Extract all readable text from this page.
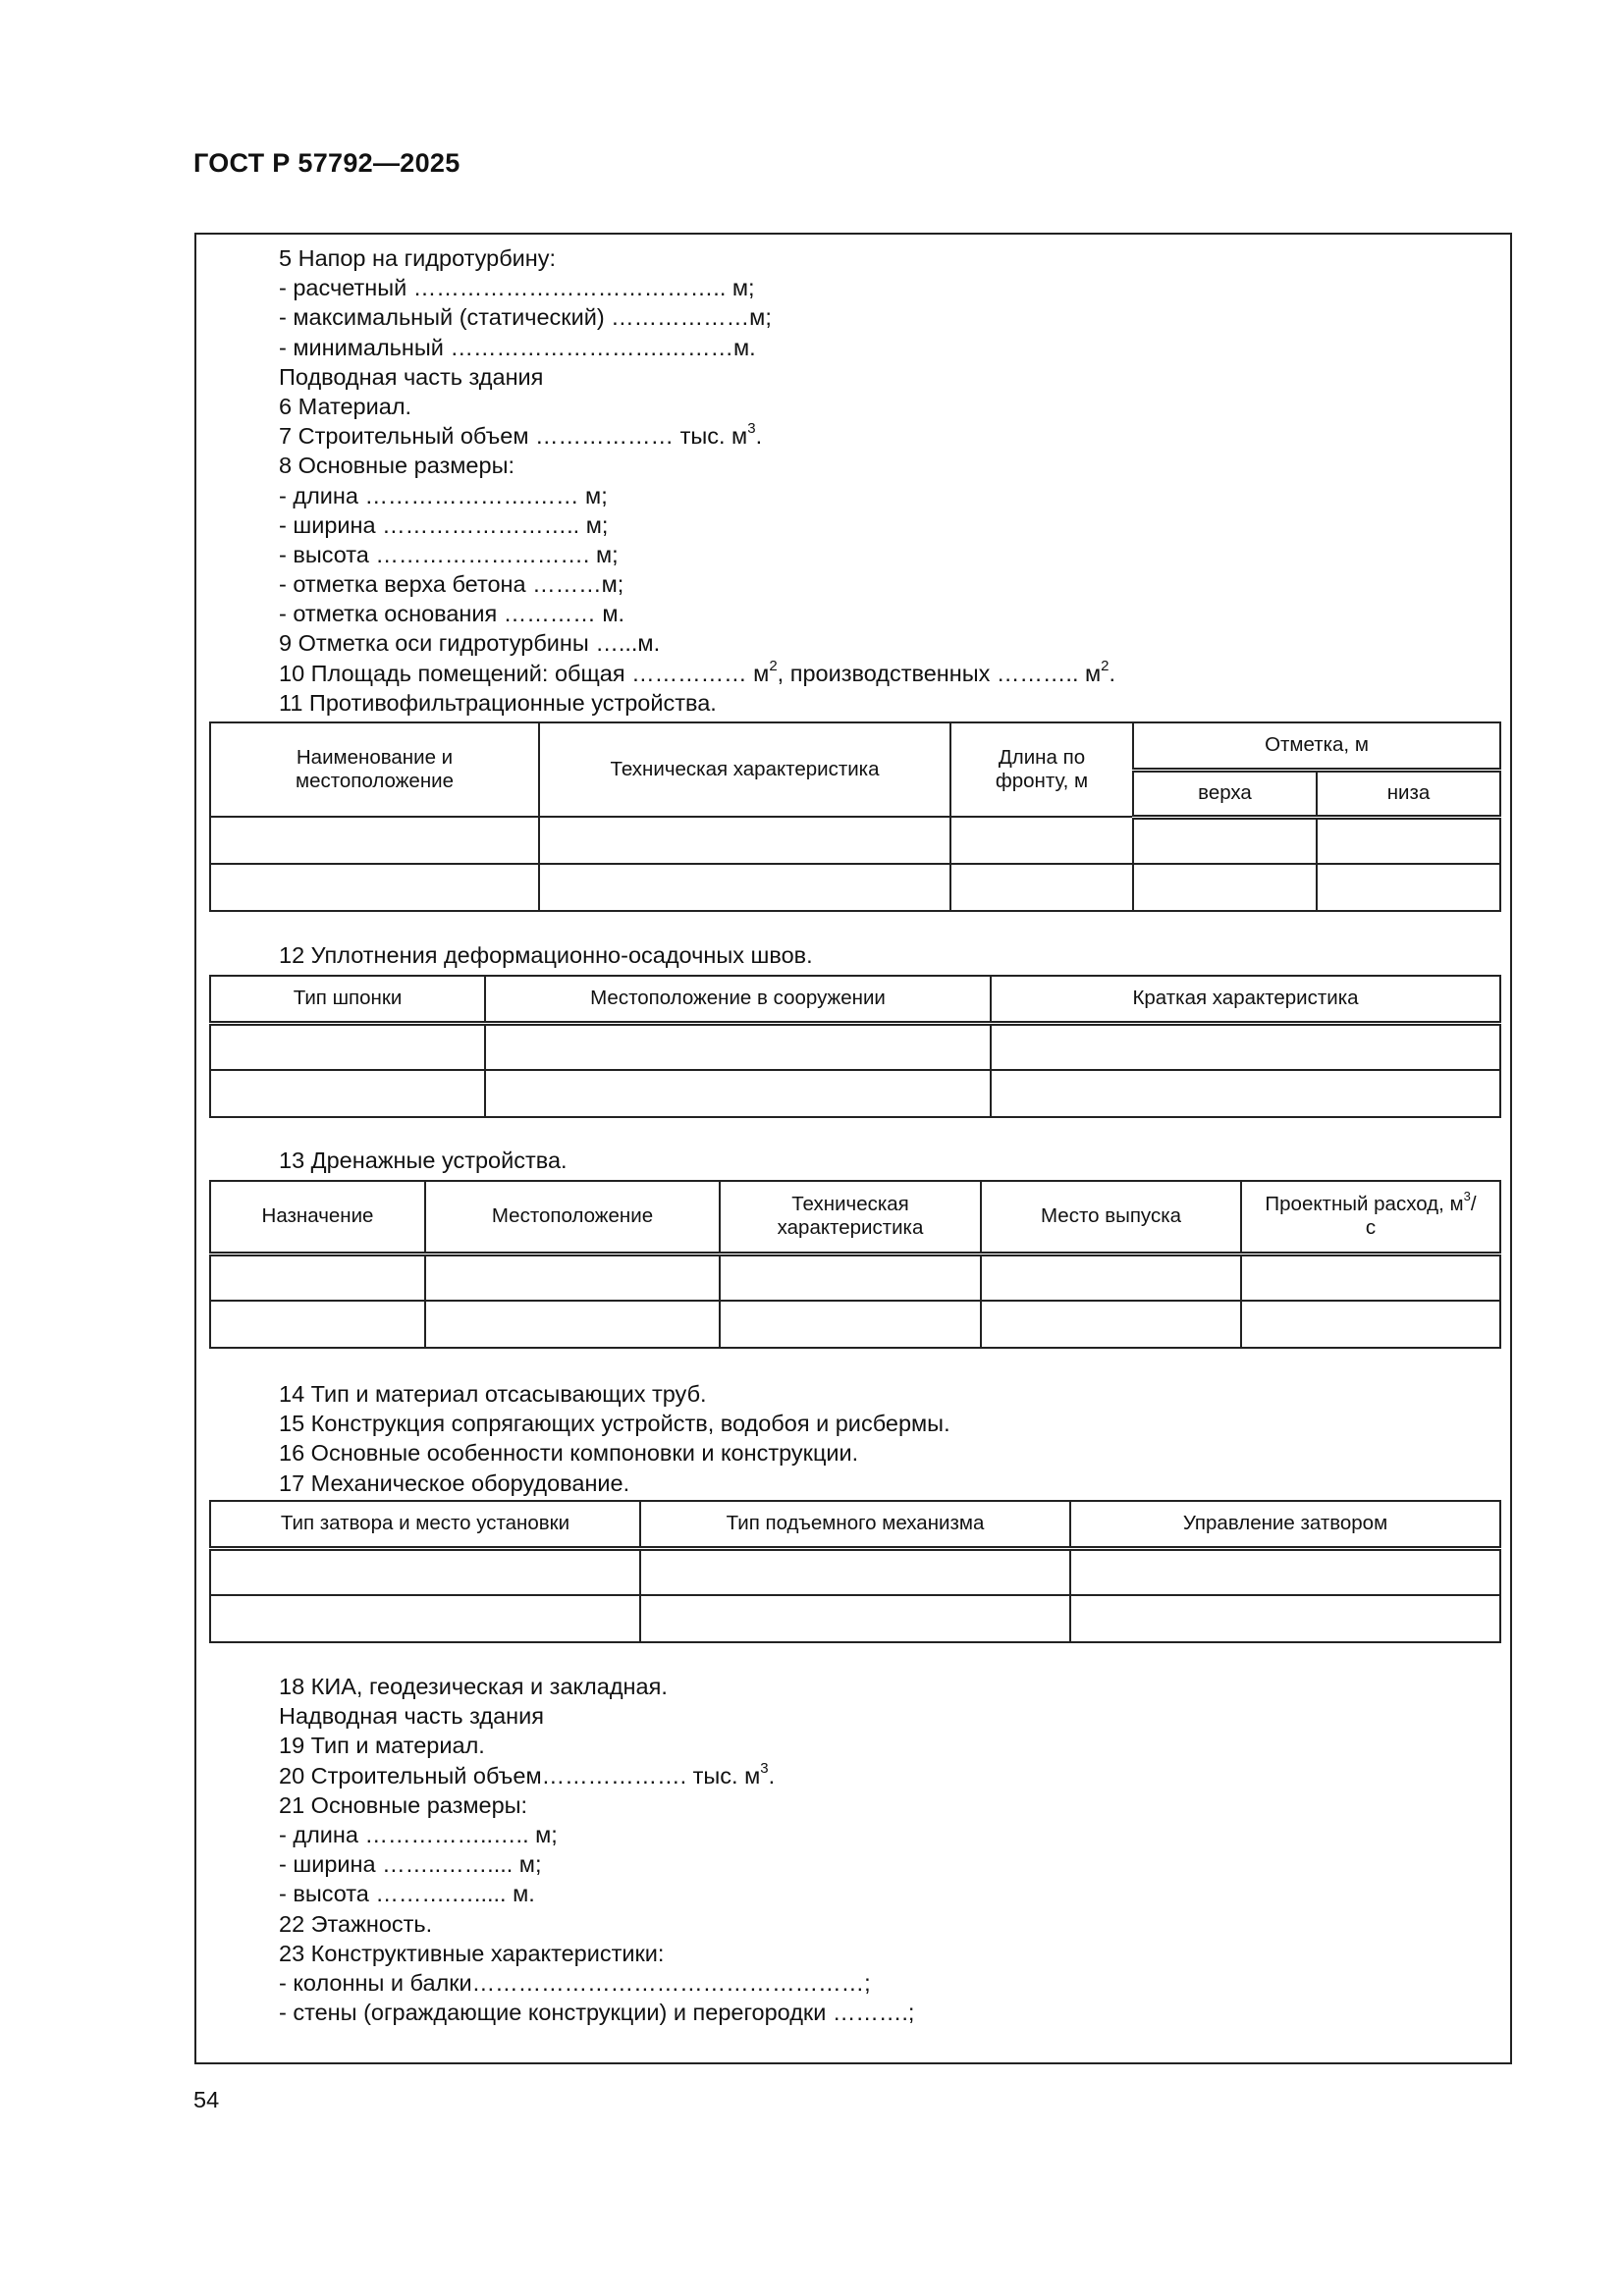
ГОСТ Р 57792—2025
5 Напор на гидротурбину:
- расчетный ………………………………….. м;
- максимальный (статический) ………………м;
- минимальный ……………………….………м.
Подводная часть здания
6 Материал.
7 Строительный объем ……………… тыс. $м^3$.
8 Основные размеры:
- длина ………………….…… м;
- ширина …………………….. м;
- высота ………………………. м;
- отметка верха бетона ………м;
- отметка основания ………… м.
9 Отметка оси гидротурбины …...м.
10 Площадь помещений: общая …………… $м^2$, производственных ……….. $м^2$.
11 Противофильтрационные устройства.
Наименование и местоположение	Техническая характеристика	Длина по фронту, м	Отметка, м	
			верха	низа

12 Уплотнения деформационно-осадочных швов.
Тип шпонки	Местоположение в сооружении	Краткая характеристика

13 Дренажные устройства.
Назначение	Местоположение	Техническая характеристика	Место выпуска	Проектный расход, $м^3/с$

14 Тип и материал отсасывающих труб.
15 Конструкция сопрягающих устройств, водобоя и рисбермы.
16 Основные особенности компоновки и конструкции.
17 Механическое оборудование.
Тип затвора и место установки	Тип подъемного механизма	Управление затвором

18 КИА, геодезическая и закладная.
Надводная часть здания
19 Тип и материал.
20 Строительный объем………………. тыс. $м^3$.
21 Основные размеры:
- длина ……………..….. м;
- ширина ……..…….... м;
- высота ……….…..... м.
22 Этажность.
23 Конструктивные характеристики:
- колонны и балки……………………………………………;
- стены (ограждающие конструкции) и перегородки ……….;
54
